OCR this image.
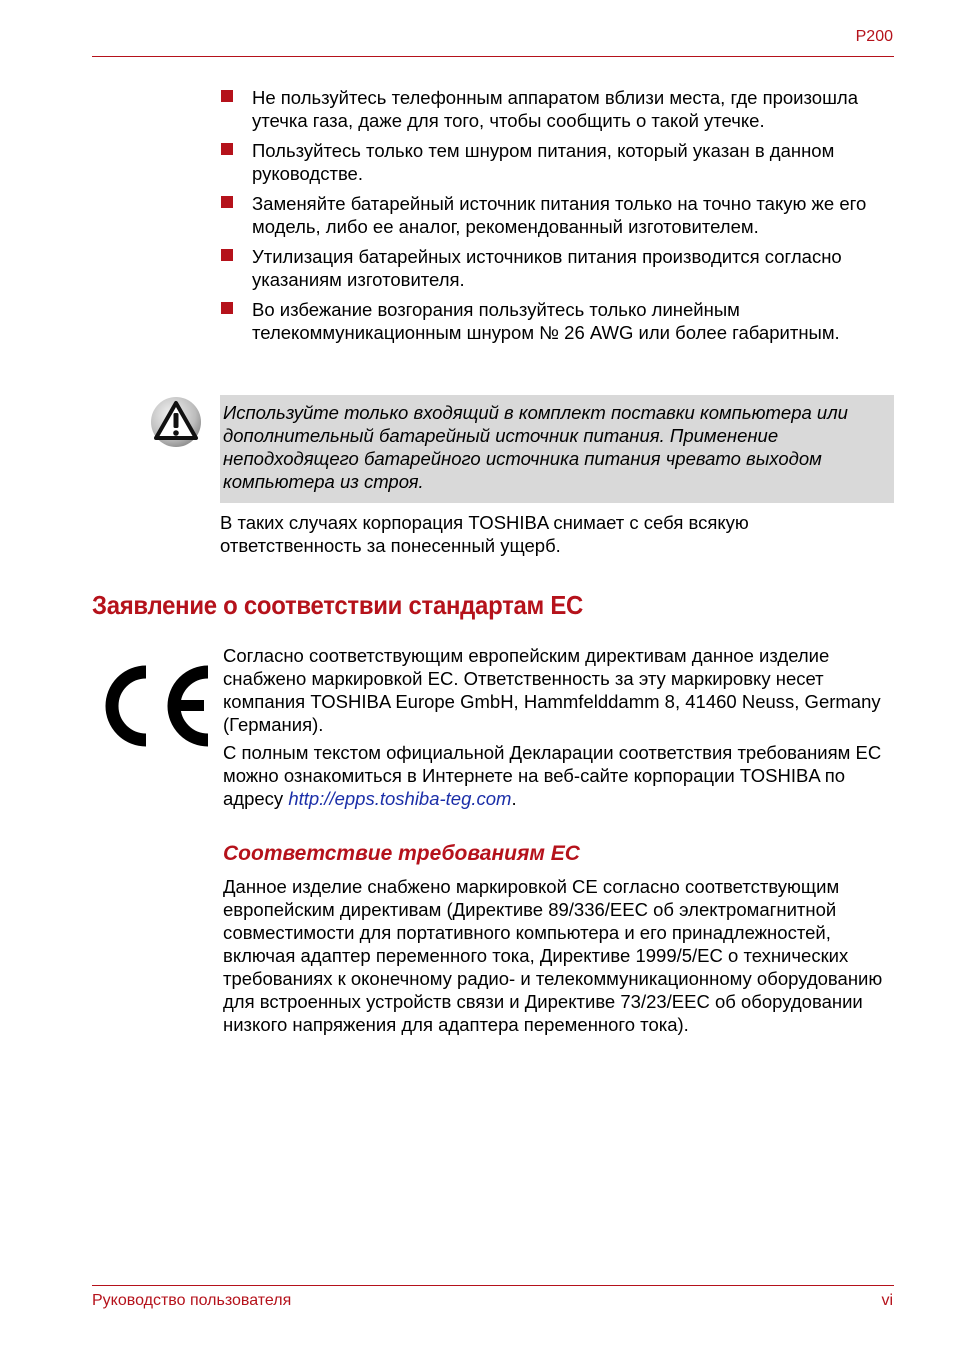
P200
Не пользуйтесь телефонным аппаратом вблизи места, где произошла утечка газа, даже для того, чтобы сообщить о такой утечке.
Пользуйтесь только тем шнуром питания, который указан в данном руководстве.
Заменяйте батарейный источник питания только на точно такую же его модель, либо ее аналог, рекомендованный изготовителем.
Утилизация батарейных источников питания производится согласно указаниям изготовителя.
Во избежание возгорания пользуйтесь только линейным телекоммуникационным шнуром № 26 AWG или более габаритным.
Используйте только входящий в комплект поставки компьютера или дополнительный батарейный источник питания. Применение неподходящего батарейного источника питания чревато выходом компьютера из строя.
В таких случаях корпорация TOSHIBA снимает с себя всякую ответственность за понесенный ущерб.
Заявление о соответствии стандартам ЕС
Согласно соответствующим европейским директивам данное изделие снабжено маркировкой ЕС. Ответственность за эту маркировку несет компания TOSHIBA Europe GmbH, Hammfelddamm 8, 41460 Neuss, Germany (Германия).
С полным текстом официальной Декларации соответствия требованиям ЕС можно ознакомиться в Интернете на веб-сайте корпорации TOSHIBA по адресу http://epps.toshiba-teg.com.
Соответствие требованиям ЕС
Данное изделие снабжено маркировкой CE согласно соответствующим европейским директивам (Директиве 89/336/EEC об электромагнитной совместимости для портативного компьютера и его принадлежностей, включая адаптер переменного тока, Директиве 1999/5/EC о технических требованиях к оконечному радио- и телекоммуникационному оборудованию для встроенных устройств связи и Директиве 73/23/EEC об оборудовании низкого напряжения для адаптера переменного тока).
Руководство пользователя	vi
